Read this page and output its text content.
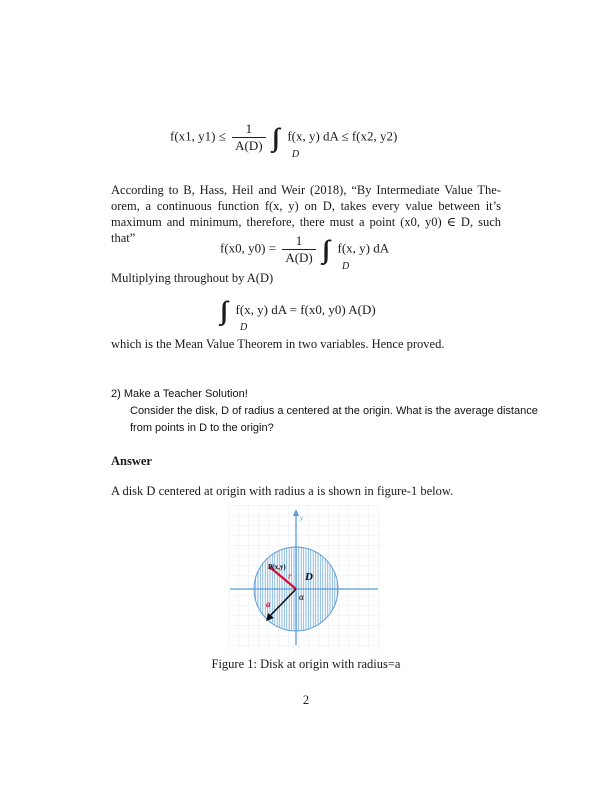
f(x1, $y1) \le \frac{1}{A(D)}$ ∫∫
D
f(x, y) dA ≤ f(x2, y2)
According to B, Hass, Heil and Weir (2018), “By Intermediate Value The-
orem, a continuous function f(x, y) on D, takes every value between it’s
maximum and minimum, therefore, there must a point (x0, y0) ∈ D, such
that”
f(x0, $y0) = \frac{1}{A(D)}$ ∫∫
D
f(x, y) dA
Multiplying throughout by A(D)
∫∫
D
f(x, y) dA = f(x0, y0) A(D)
which is the Mean Value Theorem in two variables. Hence proved.
2) Make a Teacher Solution!
Consider the disk, D of radius a centered at the origin. What is the average distance
from points in D to the origin?
Answer
A disk D centered at origin with radius a is shown in figure-1 below.
y
P(x,y)
r D
α
a
Figure 1: Disk at origin with radius=a
2
